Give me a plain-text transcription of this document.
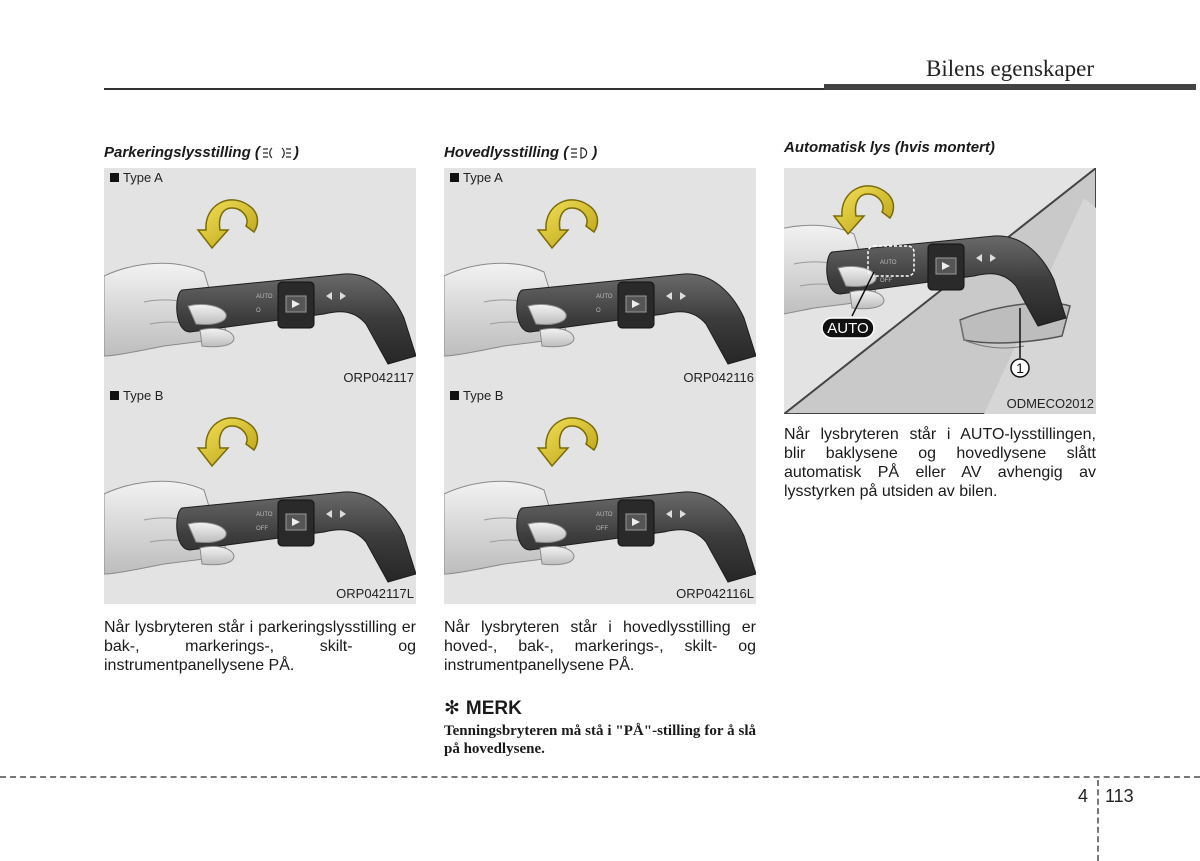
Bilens egenskaper
Parkeringslysstilling ( )
Type A
AUTO
O
ORP042117
Type B
AUTO
OFF
ORP042117L
Når lysbryteren står i parkeringslysstilling er bak-, markerings-, skilt- og instrumentpanellysene PÅ.
Hovedlysstilling ( )
Type A
AUTO
O
ORP042116
Type B
AUTO
OFF
ORP042116L
Når lysbryteren står i hovedlysstilling er hoved-, bak-, markerings-, skilt- og instrumentpanellysene PÅ.
✻ MERK
Tenningsbryteren må stå i "PÅ"-stilling for å slå på hovedlysene.
Automatisk lys (hvis montert)
AUTO
OFF
AUTO
1
ODMECO2012
Når lysbryteren står i AUTO-lysstillingen, blir baklysene og hovedlysene slått automatisk PÅ eller AV avhengig av lysstyrken på utsiden av bilen.
4 113
